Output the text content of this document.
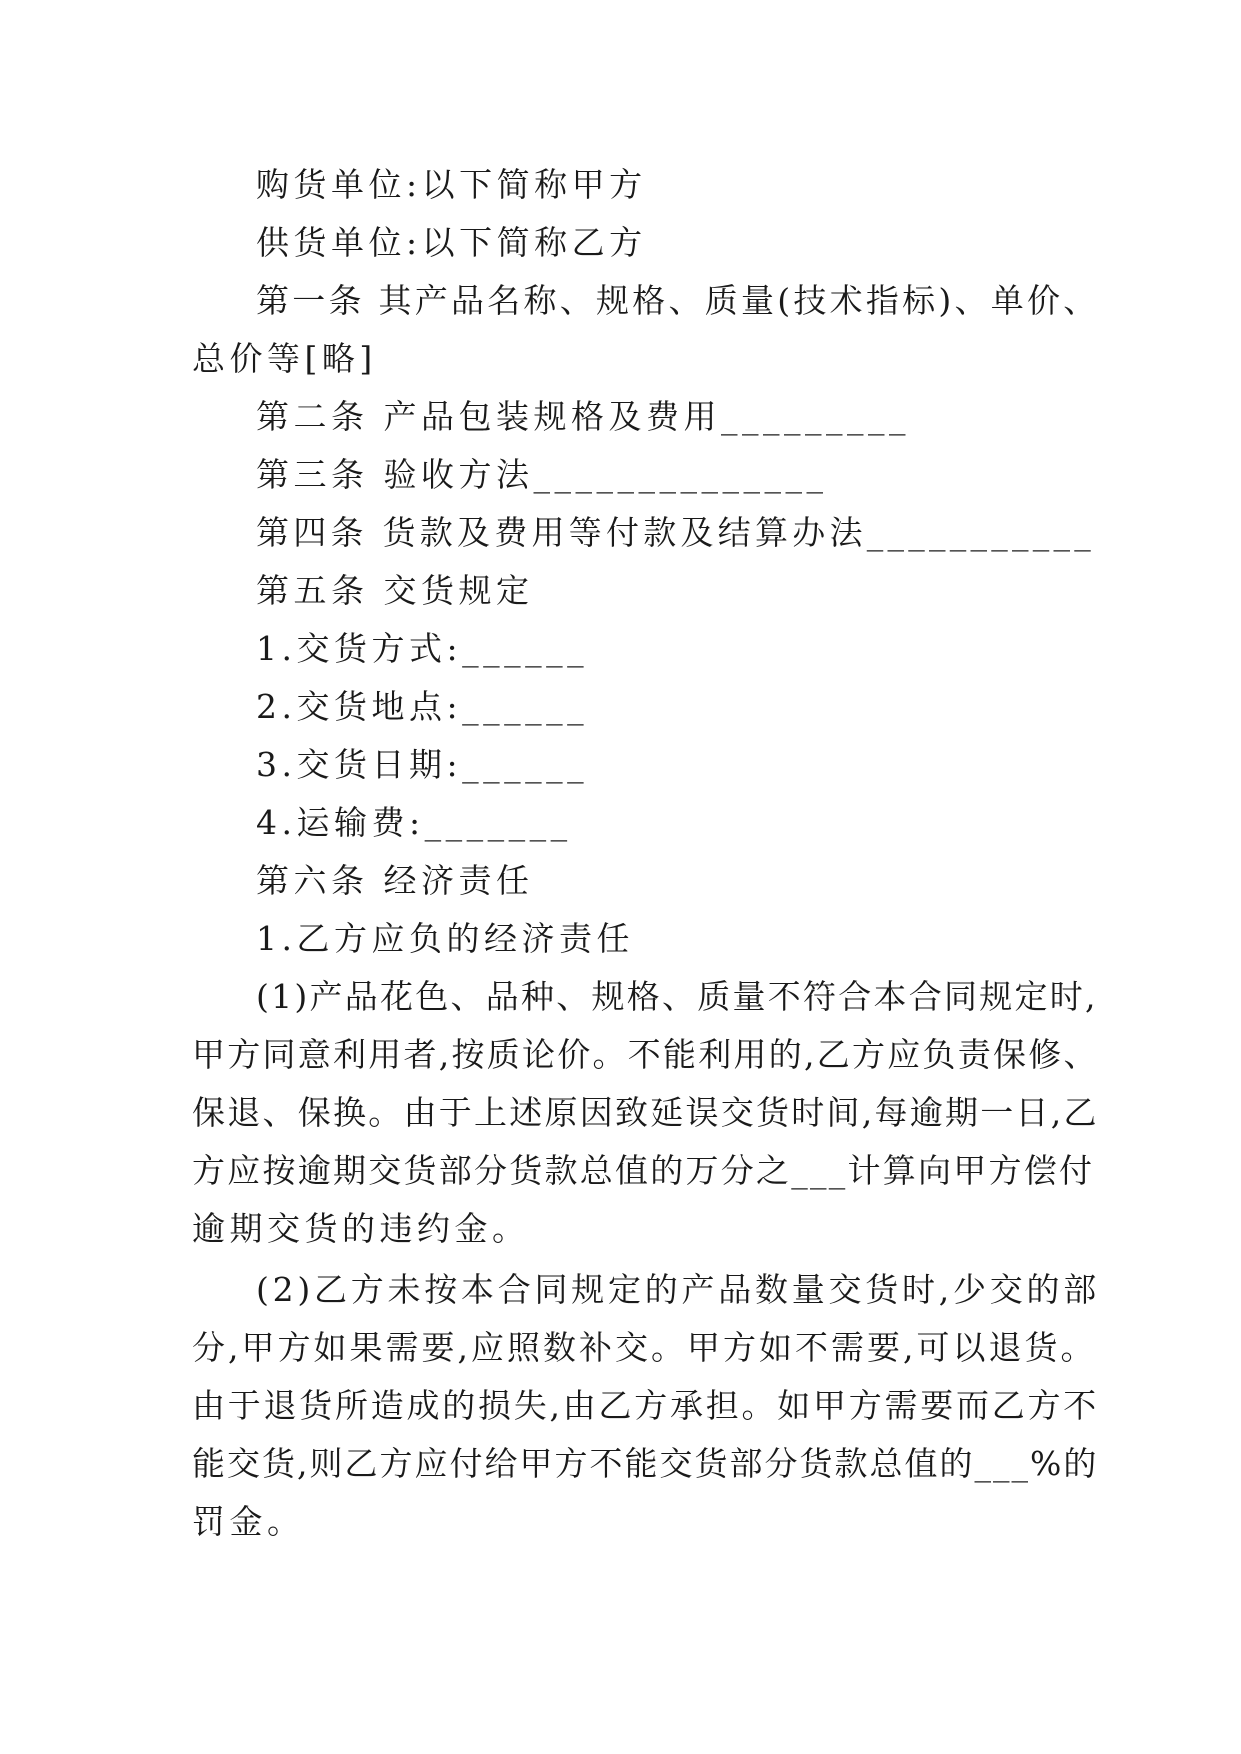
购货单位:以下简称甲方

供货单位:以下简称乙方

第一条 其产品名称、规格、质量(技术指标)、单价、

总价等[略]

第二条 产品包装规格及费用_________

第三条 验收方法______________

第四条 货款及费用等付款及结算办法___________

第五条 交货规定

1.交货方式:______

2.交货地点:______

3.交货日期:______

4.运输费:_______

第六条 经济责任

1.乙方应负的经济责任

(1)产品花色、品种、规格、质量不符合本合同规定时,

甲方同意利用者,按质论价。不能利用的,乙方应负责保修、

保退、保换。由于上述原因致延误交货时间,每逾期一日,乙

方应按逾期交货部分货款总值的万分之___计算向甲方偿付

逾期交货的违约金。

(2)乙方未按本合同规定的产品数量交货时,少交的部

分,甲方如果需要,应照数补交。甲方如不需要,可以退货。

由于退货所造成的损失,由乙方承担。如甲方需要而乙方不

能交货,则乙方应付给甲方不能交货部分货款总值的___%的

罚金。
